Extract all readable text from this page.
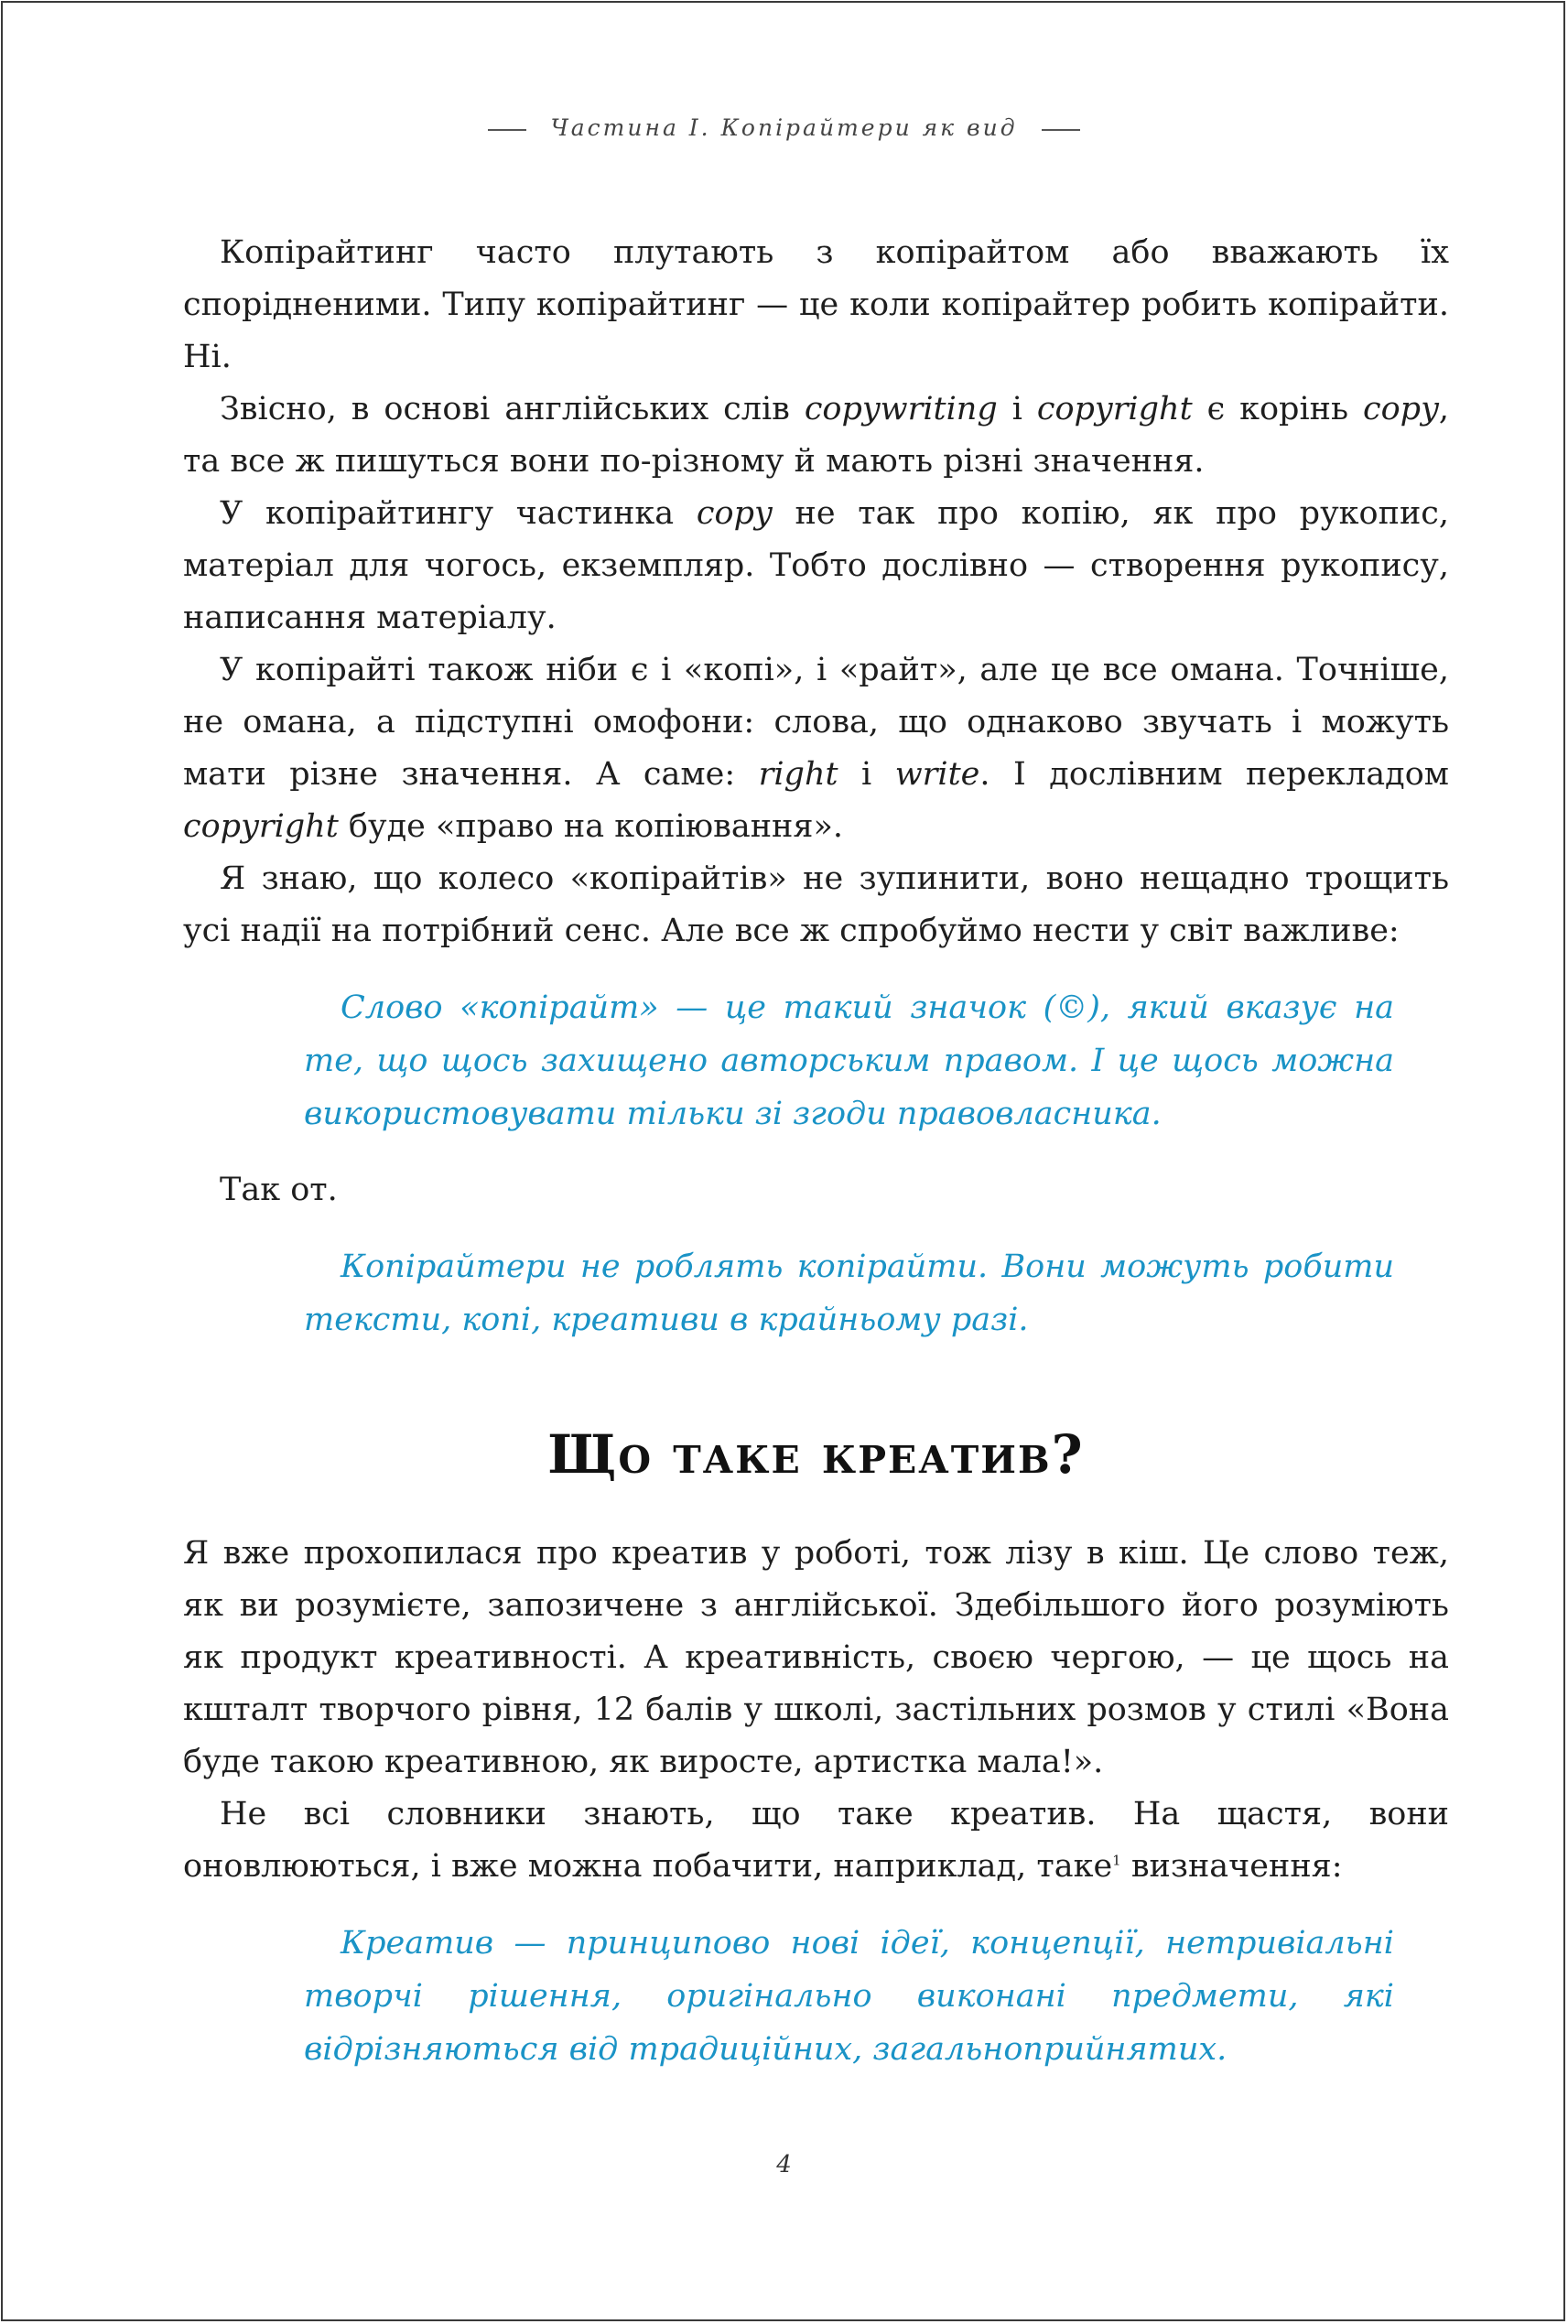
Частина I. Копірайтери як вид

Копірайтинг часто плутають з копірайтом або вважають їх спорідненими. Типу копірайтинг — це коли копірайтер робить копірайти. Ні.

Звісно, в основі англійських слів copywriting і copyright є корінь copy, та все ж пишуться вони по-різному й мають різні значення.

У копірайтингу частинка copy не так про копію, як про рукопис, матеріал для чогось, екземпляр. Тобто дослівно — створення рукопису, написання матеріалу.

У копірайті також ніби є і «копі», і «райт», але це все омана. Точніше, не омана, а підступні омофони: слова, що однаково звучать і можуть мати різне значення. А саме: right і write. І дослівним перекладом copyright буде «право на копіювання».

Я знаю, що колесо «копірайтів» не зупинити, воно нещадно трощить усі надії на потрібний сенс. Але все ж спробуймо нести у світ важливе:

Слово «копірайт» — це такий значок (©), який вказує на те, що щось захищено авторським правом. І це щось можна використовувати тільки зі згоди правовласника.

Так от.

Копірайтери не роблять копірайти. Вони можуть робити тексти, копі, креативи в крайньому разі.

Що таке креатив?

Я вже прохопилася про креатив у роботі, тож лізу в кіш. Це слово теж, як ви розумієте, запозичене з англійської. Здебільшого його розуміють як продукт креативності. А креативність, своєю чергою, — це щось на кшталт творчого рівня, 12 балів у школі, застільних розмов у стилі «Вона буде такою креативною, як виросте, артистка мала!».

Не всі словники знають, що таке креатив. На щастя, вони оновлюються, і вже можна побачити, наприклад, таке$^1$ визначення:

Креатив — принципово нові ідеї, концепції, нетривіальні творчі рішення, оригінально виконані предмети, які відрізняються від традиційних, загальноприйнятих.

4
